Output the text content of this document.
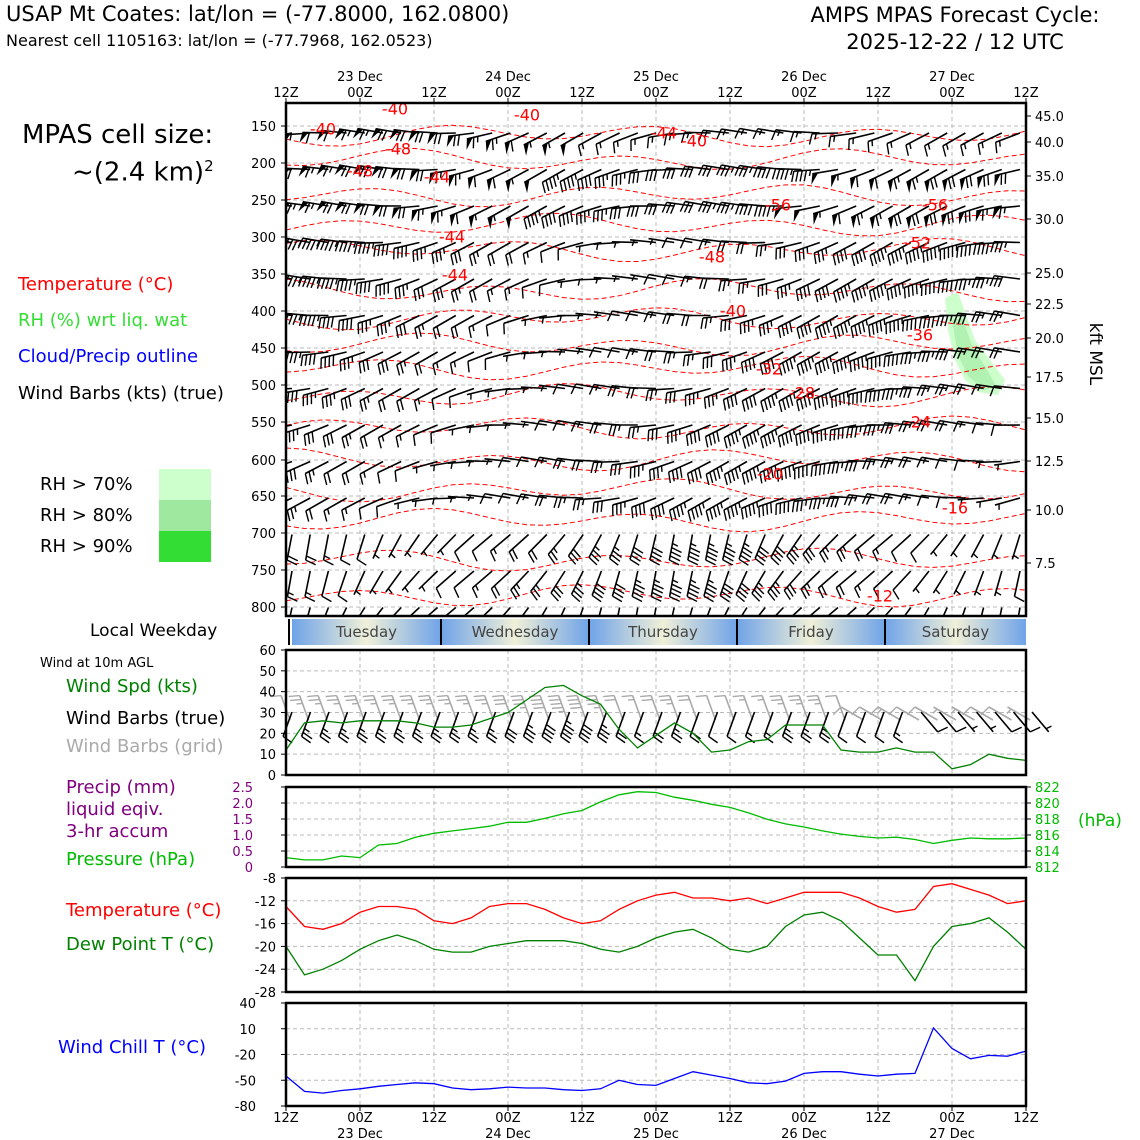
USAP Mt Coates: lat/lon = (-77.8000, 162.0800)
Nearest cell 1105163: lat/lon = (-77.7968, 162.0523)
AMPS MPAS Forecast Cycle:
2025-12-22 / 12 UTC
MPAS cell size:
~(2.4 km)$^2$
Temperature (°C)
RH (%) wrt liq. wat
Cloud/Precip outline
Wind Barbs (kts) (true)
RH > 70%
RH > 80%
RH > 90%
Local Weekday
Wind at 10m AGL
Wind Spd (kts)
Wind Barbs (true)
Wind Barbs (grid)
Precip (mm)
liquid eqiv.
3-hr accum
Pressure (hPa)
Temperature (°C)
Dew Point T (°C)
Wind Chill T (°C)
-40
-40
-40
-44
-40
-44
-48
-48	-44
-56	-56
-52
-48
-44
-40
-36
-32
-28
-24
-20
-16
-12
150
200
250
300
350
400
450
500
550
600
650
700
750
800
45.0
40.0
35.0
30.0
25.0
22.5
20.0
17.5
15.0
12.5
10.0
7.5
kft MSL
12Z	00Z	12Z	00Z	12Z	00Z	12Z	00Z	12Z	00Z	12Z
23 Dec	24 Dec	25 Dec	26 Dec	27 Dec
Tuesday	Wednesday	Thursday	Friday	Saturday
0
10
20
30
40
50
60
0
0.5
1.0
1.5
2.0
2.5
812
814
816
818
820
822
(hPa)
-8
-12
-16
-20
-24
-28
40
10
-20
-50
-80
12Z	00Z	12Z	00Z	12Z	00Z	12Z	00Z	12Z	00Z	12Z
23 Dec	24 Dec	25 Dec	26 Dec	27 Dec
